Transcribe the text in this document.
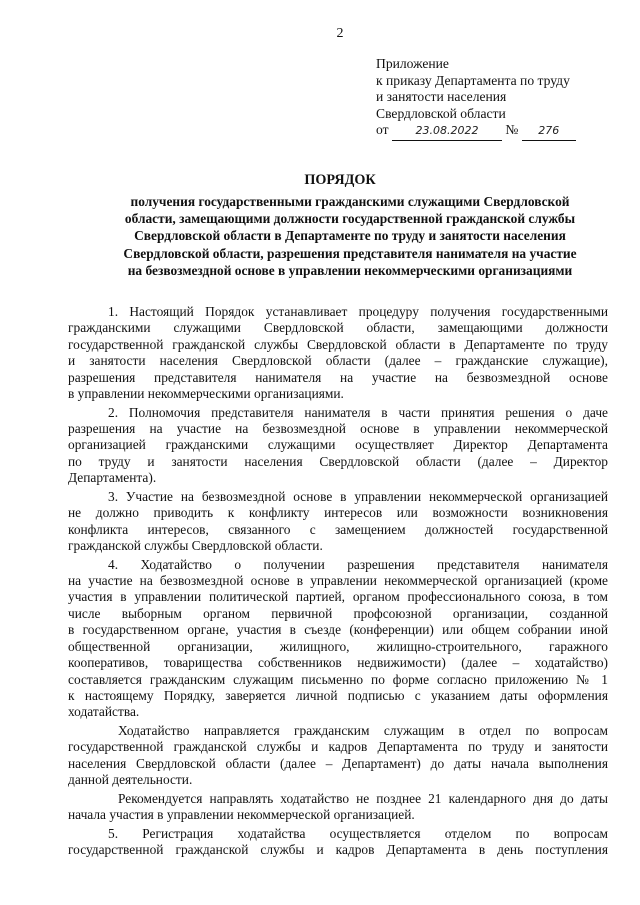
2
Приложение
к приказу Департамента по труду
и занятости населения
Свердловской области
от 23.08.2022 № 276
ПОРЯДОК
получения государственными гражданскими служащими Свердловской
области, замещающими должности государственной гражданской службы
Свердловской области в Департаменте по труду и занятости населения
Свердловской области, разрешения представителя нанимателя на участие
на безвозмездной основе в управлении некоммерческими организациями
1. Настоящий Порядок устанавливает процедуру получения государственными
гражданскими служащими Свердловской области, замещающими должности
государственной гражданской службы Свердловской области в Департаменте по труду
и занятости населения Свердловской области (далее – гражданские служащие),
разрешения представителя нанимателя на участие на безвозмездной основе
в управлении некоммерческими организациями.
2. Полномочия представителя нанимателя в части принятия решения о даче
разрешения на участие на безвозмездной основе в управлении некоммерческой
организацией гражданскими служащими осуществляет Директор Департамента
по труду и занятости населения Свердловской области (далее – Директор
Департамента).
3. Участие на безвозмездной основе в управлении некоммерческой организацией
не должно приводить к конфликту интересов или возможности возникновения
конфликта интересов, связанного с замещением должностей государственной
гражданской службы Свердловской области.
4. Ходатайство о получении разрешения представителя нанимателя
на участие на безвозмездной основе в управлении некоммерческой организацией (кроме
участия в управлении политической партией, органом профессионального союза, в том
числе выборным органом первичной профсоюзной организации, созданной
в государственном органе, участия в съезде (конференции) или общем собрании иной
общественной организации, жилищного, жилищно-строительного, гаражного
кооперативов, товарищества собственников недвижимости) (далее – ходатайство)
составляется гражданским служащим письменно по форме согласно приложению № 1
к настоящему Порядку, заверяется личной подписью с указанием даты оформления
ходатайства.
Ходатайство направляется гражданским служащим в отдел по вопросам
государственной гражданской службы и кадров Департамента по труду и занятости
населения Свердловской области (далее – Департамент) до даты начала выполнения
данной деятельности.
Рекомендуется направлять ходатайство не позднее 21 календарного дня до даты
начала участия в управлении некоммерческой организацией.
5. Регистрация ходатайства осуществляется отделом по вопросам
государственной гражданской службы и кадров Департамента в день поступления
